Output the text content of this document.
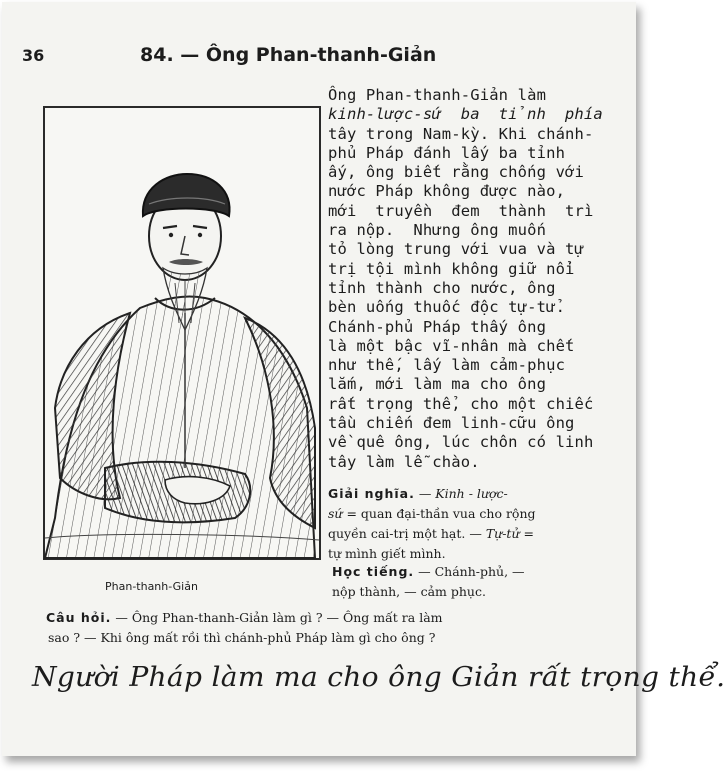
36	84. — Ông Phan-thanh-Giản
Phan-thanh-Giản
Ông Phan-thanh-Giản làm
kinh-lược-sứ  ba  tỉnh  phía
tây trong Nam-kỳ. Khi chánh-
phủ Pháp đánh lấy ba tỉnh
ấy, ông biết rằng chống với
nước Pháp không được nào,
mới  truyền  đem  thành  trì
ra nộp.  Nhưng ông muốn
tỏ lòng trung với vua và tự
trị tội mình không giữ nổi
tỉnh thành cho nước, ông
bèn uống thuốc độc tự-tử.
Chánh-phủ Pháp thấy ông
là một bậc vĩ-nhân mà chết
như thế, lấy làm cảm-phục
lắm, mới làm ma cho ông
rất trọng thể, cho một chiếc
tầu chiến đem linh-cữu ông
về quê ông, lúc chôn có linh
tây làm lễ chào.
Giải nghĩa. — Kinh - lược-
sứ = quan đại-thần vua cho rộng
quyền cai-trị một hạt. — Tự-tử =
tự mình giết mình.
Học tiếng. — Chánh-phủ, —
nộp thành, — cảm phục.
Câu hỏi. — Ông Phan-thanh-Giản làm gì ? — Ông mất ra làm
sao ? — Khi ông mất rồi thì chánh-phủ Pháp làm gì cho ông ?
Người Pháp làm ma cho ông Giản rất trọng thể.
